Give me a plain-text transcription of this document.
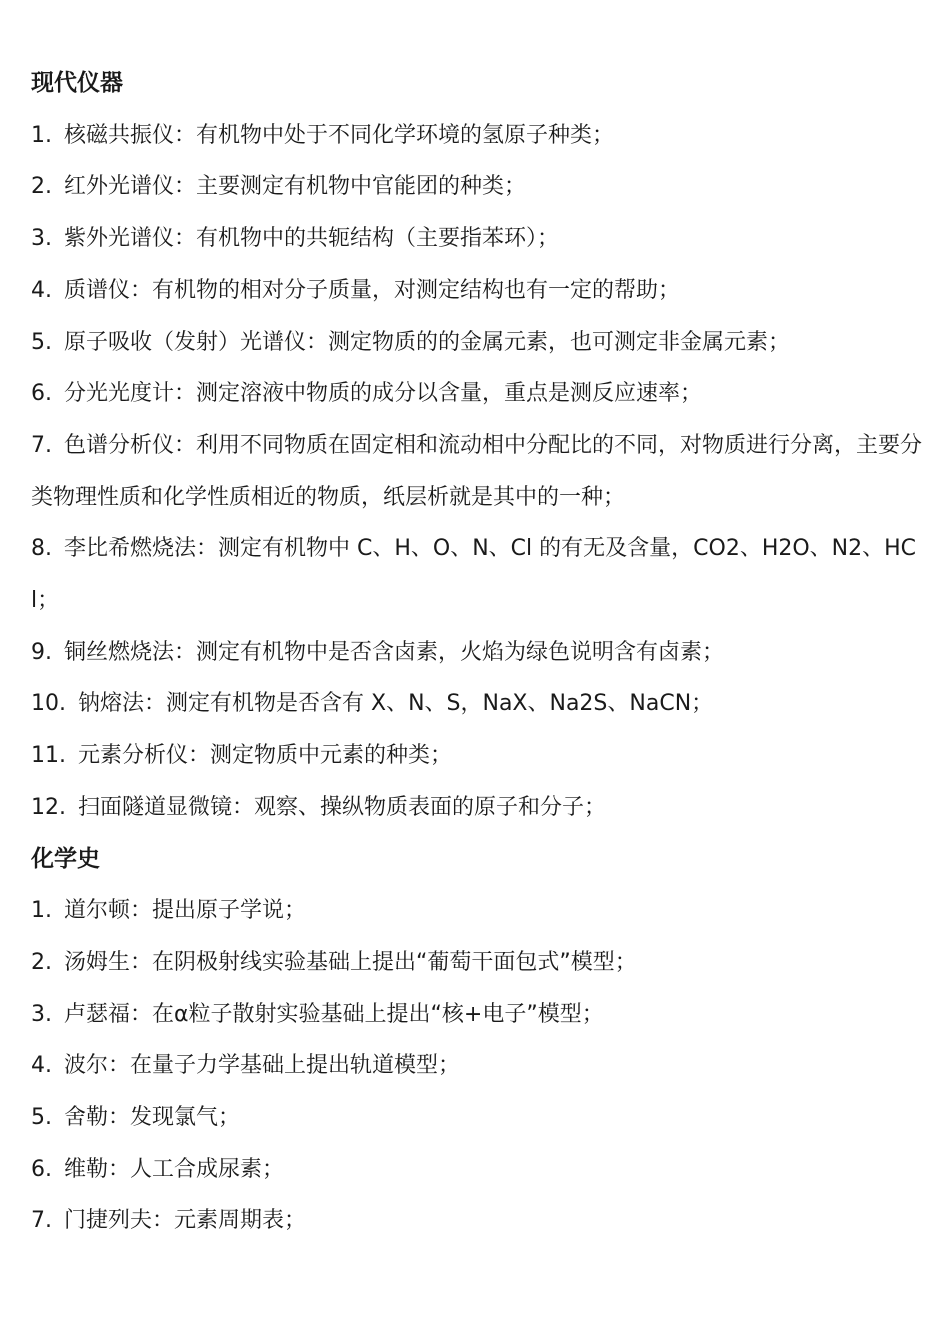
现代仪器

1. 核磁共振仪：有机物中处于不同化学环境的氢原子种类；

2. 红外光谱仪：主要测定有机物中官能团的种类；

3. 紫外光谱仪：有机物中的共轭结构（主要指苯环）；

4. 质谱仪：有机物的相对分子质量，对测定结构也有一定的帮助；

5. 原子吸收（发射）光谱仪：测定物质的的金属元素，也可测定非金属元素；

6. 分光光度计：测定溶液中物质的成分以含量，重点是测反应速率；

7. 色谱分析仪：利用不同物质在固定相和流动相中分配比的不同，对物质进行分离，主要分类物理性质和化学性质相近的物质，纸层析就是其中的一种；

8. 李比希燃烧法：测定有机物中 C、H、O、N、Cl 的有无及含量，CO2、H2O、N2、HCl；

9. 铜丝燃烧法：测定有机物中是否含卤素，火焰为绿色说明含有卤素；

10. 钠熔法：测定有机物是否含有 X、N、S，NaX、Na2S、NaCN；

11. 元素分析仪：测定物质中元素的种类；

12. 扫面隧道显微镜：观察、操纵物质表面的原子和分子；

化学史

1. 道尔顿：提出原子学说；

2. 汤姆生：在阴极射线实验基础上提出“葡萄干面包式”模型；

3. 卢瑟福：在α粒子散射实验基础上提出“核+电子”模型；

4. 波尔：在量子力学基础上提出轨道模型；

5. 舍勒：发现氯气；

6. 维勒：人工合成尿素；

7. 门捷列夫：元素周期表；
